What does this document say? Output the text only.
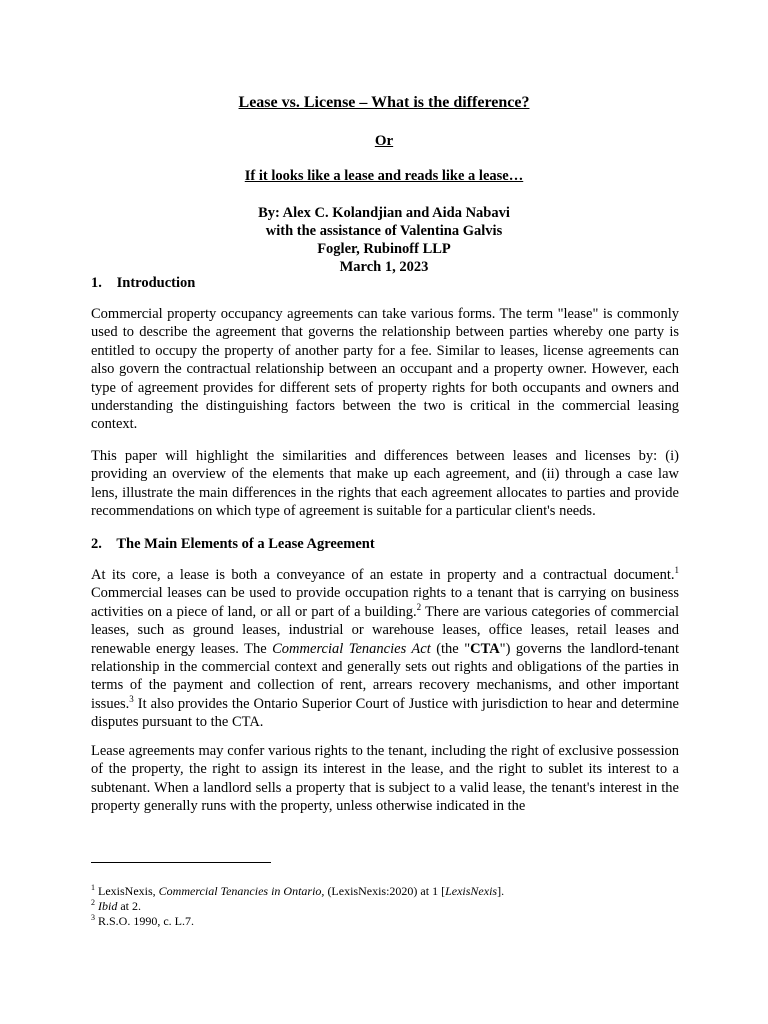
Lease vs. License – What is the difference?
Or
If it looks like a lease and reads like a lease…
By: Alex C. Kolandjian and Aida Nabavi
with the assistance of Valentina Galvis
Fogler, Rubinoff LLP
March 1, 2023
1. Introduction

Commercial property occupancy agreements can take various forms. The term "lease" is commonly used to describe the agreement that governs the relationship between parties whereby one party is entitled to occupy the property of another party for a fee. Similar to leases, license agreements can also govern the contractual relationship between an occupant and a property owner. However, each type of agreement provides for different sets of property rights for both occupants and owners and understanding the distinguishing factors between the two is critical in the commercial leasing context.

This paper will highlight the similarities and differences between leases and licenses by: (i) providing an overview of the elements that make up each agreement, and (ii) through a case law lens, illustrate the main differences in the rights that each agreement allocates to parties and provide recommendations on which type of agreement is suitable for a particular client's needs.

2. The Main Elements of a Lease Agreement

At its core, a lease is both a conveyance of an estate in property and a contractual document.$^1$ Commercial leases can be used to provide occupation rights to a tenant that is carrying on business activities on a piece of land, or all or part of a building.$^2$ There are various categories of commercial leases, such as ground leases, industrial or warehouse leases, office leases, retail leases and renewable energy leases. The Commercial Tenancies Act (the "CTA") governs the landlord-tenant relationship in the commercial context and generally sets out rights and obligations of the parties in terms of the payment and collection of rent, arrears recovery mechanisms, and other important issues.$^3$ It also provides the Ontario Superior Court of Justice with jurisdiction to hear and determine disputes pursuant to the CTA.

Lease agreements may confer various rights to the tenant, including the right of exclusive possession of the property, the right to assign its interest in the lease, and the right to sublet its interest to a subtenant. When a landlord sells a property that is subject to a valid lease, the tenant's interest in the property generally runs with the property, unless otherwise indicated in the

$^1$ LexisNexis, Commercial Tenancies in Ontario, (LexisNexis:2020) at 1 [LexisNexis].

$^2$ Ibid at 2.

$^3$ R.S.O. 1990, c. L.7.
